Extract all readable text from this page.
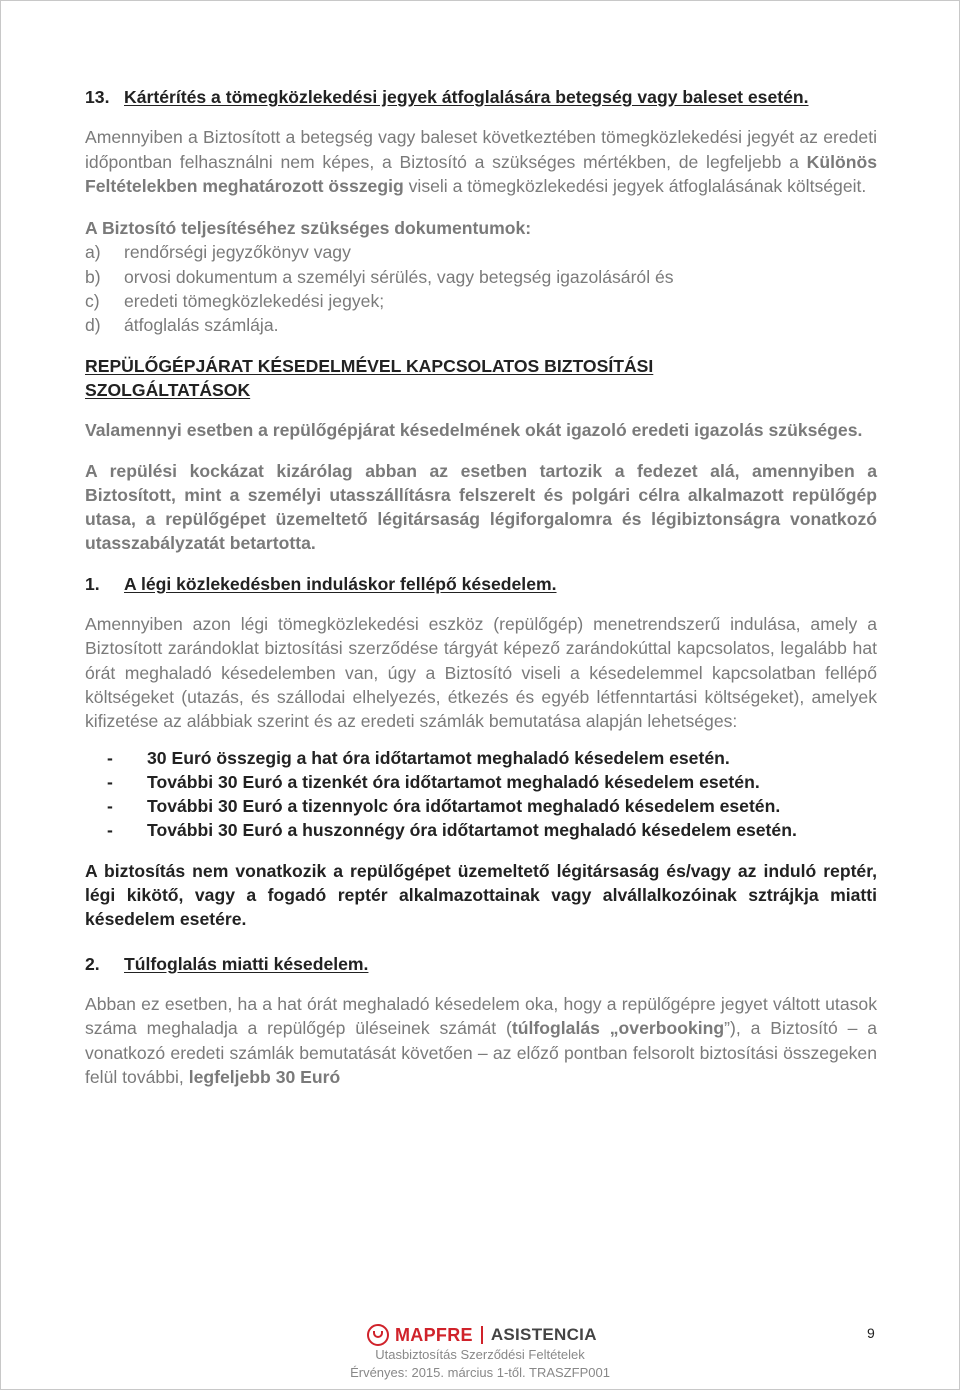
13. Kártérítés a tömegközlekedési jegyek átfoglalására betegség vagy baleset esetén.

Amennyiben a Biztosított a betegség vagy baleset következtében tömegközlekedési jegyét az eredeti időpontban felhasználni nem képes, a Biztosító a szükséges mértékben, de legfeljebb a Különös Feltételekben meghatározott összegig viseli a tömegközlekedési jegyek átfoglalásának költségeit.

A Biztosító teljesítéséhez szükséges dokumentumok:

a)	rendőrségi jegyzőkönyv vagy
b)	orvosi dokumentum a személyi sérülés, vagy betegség igazolásáról és
c)	eredeti tömegközlekedési jegyek;
d)	átfoglalás számlája.

REPÜLŐGÉPJÁRAT KÉSEDELMÉVEL KAPCSOLATOS BIZTOSÍTÁSI SZOLGÁLTATÁSOK

Valamennyi esetben a repülőgépjárat késedelmének okát igazoló eredeti igazolás szükséges.

A repülési kockázat kizárólag abban az esetben tartozik a fedezet alá, amennyiben a Biztosított, mint a személyi utasszállításra felszerelt és polgári célra alkalmazott repülőgép utasa, a repülőgépet üzemeltető légitársaság légiforgalomra és légibiztonságra vonatkozó utasszabályzatát betartotta.

1.	A légi közlekedésben induláskor fellépő késedelem.

Amennyiben azon légi tömegközlekedési eszköz (repülőgép) menetrendszerű indulása, amely a Biztosított zarándoklat biztosítási szerződése tárgyát képező zarándokúttal kapcsolatos, legalább hat órát meghaladó késedelemben van, úgy a Biztosító viseli a késedelemmel kapcsolatban fellépő költségeket (utazás, és szállodai elhelyezés, étkezés és egyéb létfenntartási költségeket), amelyek kifizetése az alábbiak szerint és az eredeti számlák bemutatása alapján lehetséges:

-	30 Euró összegig a hat óra időtartamot meghaladó késedelem esetén.
-	További 30 Euró a tizenkét óra időtartamot meghaladó késedelem esetén.
-	További 30 Euró a tizennyolc óra időtartamot meghaladó késedelem esetén.
-	További 30 Euró a huszonnégy óra időtartamot meghaladó késedelem esetén.

A biztosítás nem vonatkozik a repülőgépet üzemeltető légitársaság és/vagy az induló reptér, légi kikötő, vagy a fogadó reptér alkalmazottainak vagy alvállalkozóinak sztrájkja miatti késedelem esetére.

2.	Túlfoglalás miatti késedelem.

Abban ez esetben, ha a hat órát meghaladó késedelem oka, hogy a repülőgépre jegyet váltott utasok száma meghaladja a repülőgép üléseinek számát (túlfoglalás „overbooking”), a Biztosító – a vonatkozó eredeti számlák bemutatását követően – az előző pontban felsorolt biztosítási összegeken felül további, legfeljebb 30 Euró

MAPFRE ASISTENCIA
Utasbiztosítás Szerződési Feltételek
Érvényes: 2015. március 1-től. TRASZFP001
9
